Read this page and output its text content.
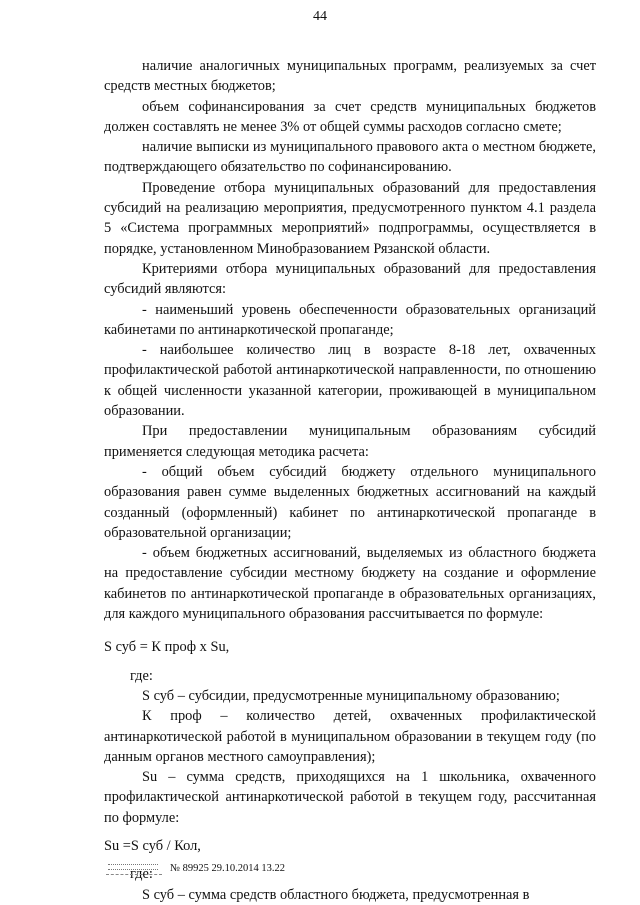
44

наличие аналогичных муниципальных программ, реализуемых за счет средств местных бюджетов;

объем софинансирования за счет средств муниципальных бюджетов должен составлять не менее 3% от общей суммы расходов согласно смете;

наличие выписки из муниципального правового акта о местном бюджете, подтверждающего обязательство по софинансированию.

Проведение отбора муниципальных образований для предоставления субсидий на реализацию мероприятия, предусмотренного пунктом 4.1 раздела 5 «Система программных мероприятий» подпрограммы, осуществляется в порядке, установленном Минобразованием Рязанской области.

Критериями отбора муниципальных образований для предоставления субсидий являются:

- наименьший уровень обеспеченности образовательных организаций кабинетами по антинаркотической пропаганде;

- наибольшее количество лиц в возрасте 8-18 лет, охваченных профилактической работой антинаркотической направленности, по отношению к общей численности указанной категории, проживающей в муниципальном образовании.

При предоставлении муниципальным образованиям субсидий применяется следующая методика расчета:

- общий объем субсидий бюджету отдельного муниципального образования равен сумме выделенных бюджетных ассигнований на каждый созданный (оформленный) кабинет по антинаркотической пропаганде в образовательной организации;

- объем бюджетных ассигнований, выделяемых из областного бюджета на предоставление субсидии местному бюджету на создание и оформление кабинетов по антинаркотической пропаганде в образовательных организациях, для каждого муниципального образования рассчитывается по формуле:

S суб = К проф х Su,

где:

S суб – субсидии, предусмотренные муниципальному образованию;

К проф – количество детей, охваченных профилактической антинаркотической работой в муниципальном образовании в текущем году (по данным органов местного самоуправления);

Su – сумма средств, приходящихся на 1 школьника, охваченного профилактической антинаркотической работой в текущем году, рассчитанная по формуле:

Su =S суб / Кол,

где:

S суб – сумма средств областного бюджета, предусмотренная в

№ 89925 29.10.2014 13.22
